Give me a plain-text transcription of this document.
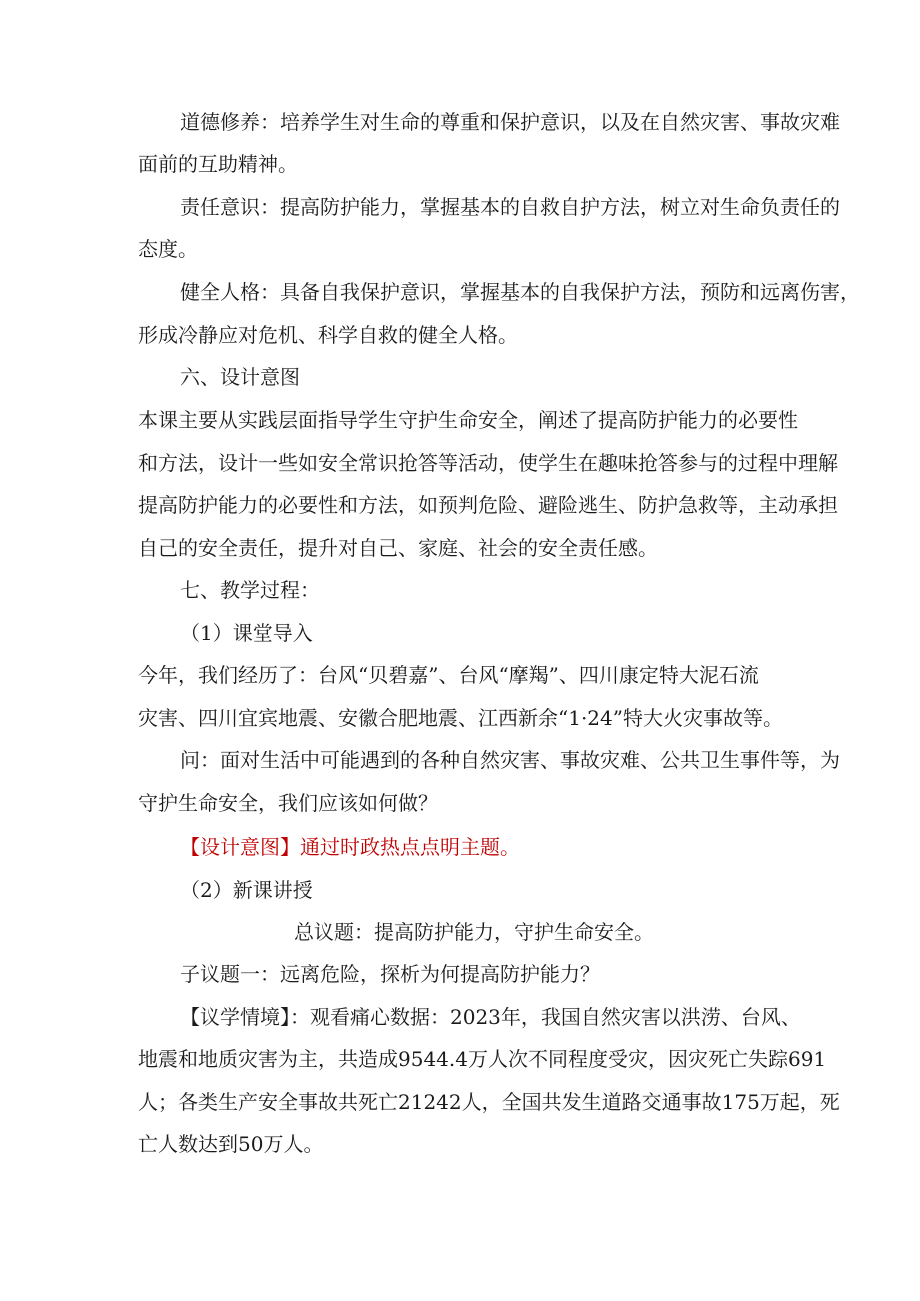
道德修养：培养学生对生命的尊重和保护意识，以及在自然灾害、事故灾难
面前的互助精神。
责任意识：提高防护能力，掌握基本的自救自护方法，树立对生命负责任的
态度。
健全人格：具备自我保护意识，掌握基本的自我保护方法，预防和远离伤害，
形成冷静应对危机、科学自救的健全人格。
六、设计意图
本课主要从实践层面指导学生守护生命安全，阐述了提高防护能力的必要性
和方法，设计一些如安全常识抢答等活动，使学生在趣味抢答参与的过程中理解
提高防护能力的必要性和方法，如预判危险、避险逃生、防护急救等，主动承担
自己的安全责任，提升对自己、家庭、社会的安全责任感。
七、教学过程：
（1）课堂导入
今年，我们经历了：台风“贝碧嘉”、台风“摩羯”、四川康定特大泥石流
灾害、四川宜宾地震、安徽合肥地震、江西新余“1·24”特大火灾事故等。
问：面对生活中可能遇到的各种自然灾害、事故灾难、公共卫生事件等，为
守护生命安全，我们应该如何做？
【设计意图】通过时政热点点明主题。
（2）新课讲授
总议题：提高防护能力，守护生命安全。
子议题一：远离危险，探析为何提高防护能力？
【议学情境】：观看痛心数据：2023年，我国自然灾害以洪涝、台风、
地震和地质灾害为主，共造成9544.4万人次不同程度受灾，因灾死亡失踪691
人；各类生产安全事故共死亡21242人，全国共发生道路交通事故175万起，死
亡人数达到50万人。
